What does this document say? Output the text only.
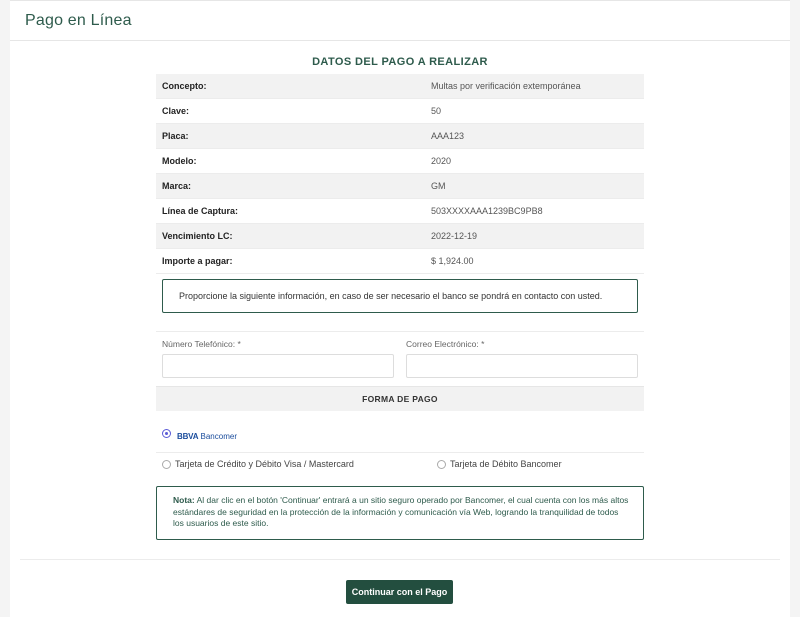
Pago en Línea
DATOS DEL PAGO A REALIZAR
Concepto:	Multas por verificación extemporánea
Clave:	50
Placa:	AAA123
Modelo:	2020
Marca:	GM
Línea de Captura:	503XXXXAAA1239BC9PB8
Vencimiento LC:	2022-12-19
Importe a pagar:	$ 1,924.00
Proporcione la siguiente información, en caso de ser necesario el banco se pondrá en contacto con usted.
Número Telefónico: *	Correo Electrónico: *
FORMA DE PAGO
BBVA Bancomer
Tarjeta de Crédito y Débito Visa / Mastercard	Tarjeta de Débito Bancomer
Nota: Al dar clic en el botón 'Continuar' entrará a un sitio seguro operado por Bancomer, el cual cuenta con los más altos estándares de seguridad en la protección de la información y comunicación vía Web, logrando la tranquilidad de todos los usuarios de este sitio.
Continuar con el Pago
